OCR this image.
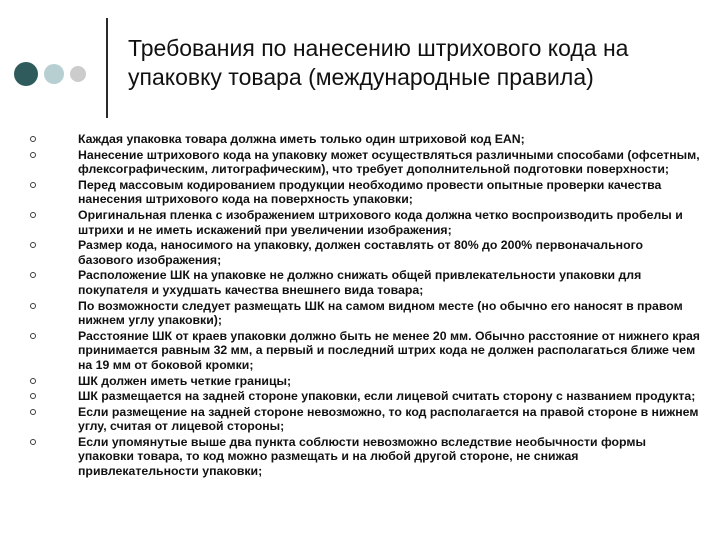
Требования по нанесению штрихового кода на упаковку товара (международные правила)
Каждая упаковка товара должна иметь только один штриховой код EAN;
Нанесение штрихового кода на упаковку может осуществляться различными способами (офсетным, флексографическим, литографическим), что требует дополнительной подготовки поверхности;
Перед массовым кодированием продукции необходимо провести опытные проверки качества нанесения штрихового кода на поверхность упаковки;
Оригинальная пленка с изображением штрихового кода должна четко воспроизводить пробелы и штрихи и не иметь искажений при увеличении изображения;
Размер кода, наносимого на упаковку, должен составлять от 80% до 200% первоначального базового изображения;
Расположение ШК на упаковке не должно снижать общей привлекательности упаковки для покупателя и ухудшать качества внешнего вида товара;
По возможности следует размещать ШК на самом видном месте (но обычно его наносят в правом нижнем углу упаковки);
Расстояние ШК от краев упаковки должно быть не менее 20 мм. Обычно расстояние от нижнего края принимается равным 32 мм, а первый и последний штрих кода не должен располагаться ближе чем на 19 мм от боковой кромки;
ШК должен иметь четкие границы;
ШК размещается на задней стороне упаковки, если лицевой считать сторону с названием продукта;
Если размещение на задней стороне невозможно, то код располагается на правой стороне в нижнем углу, считая от лицевой стороны;
Если упомянутые выше два пункта соблюсти невозможно вследствие необычности формы упаковки товара, то код можно размещать и на любой другой стороне, не снижая привлекательности упаковки;
